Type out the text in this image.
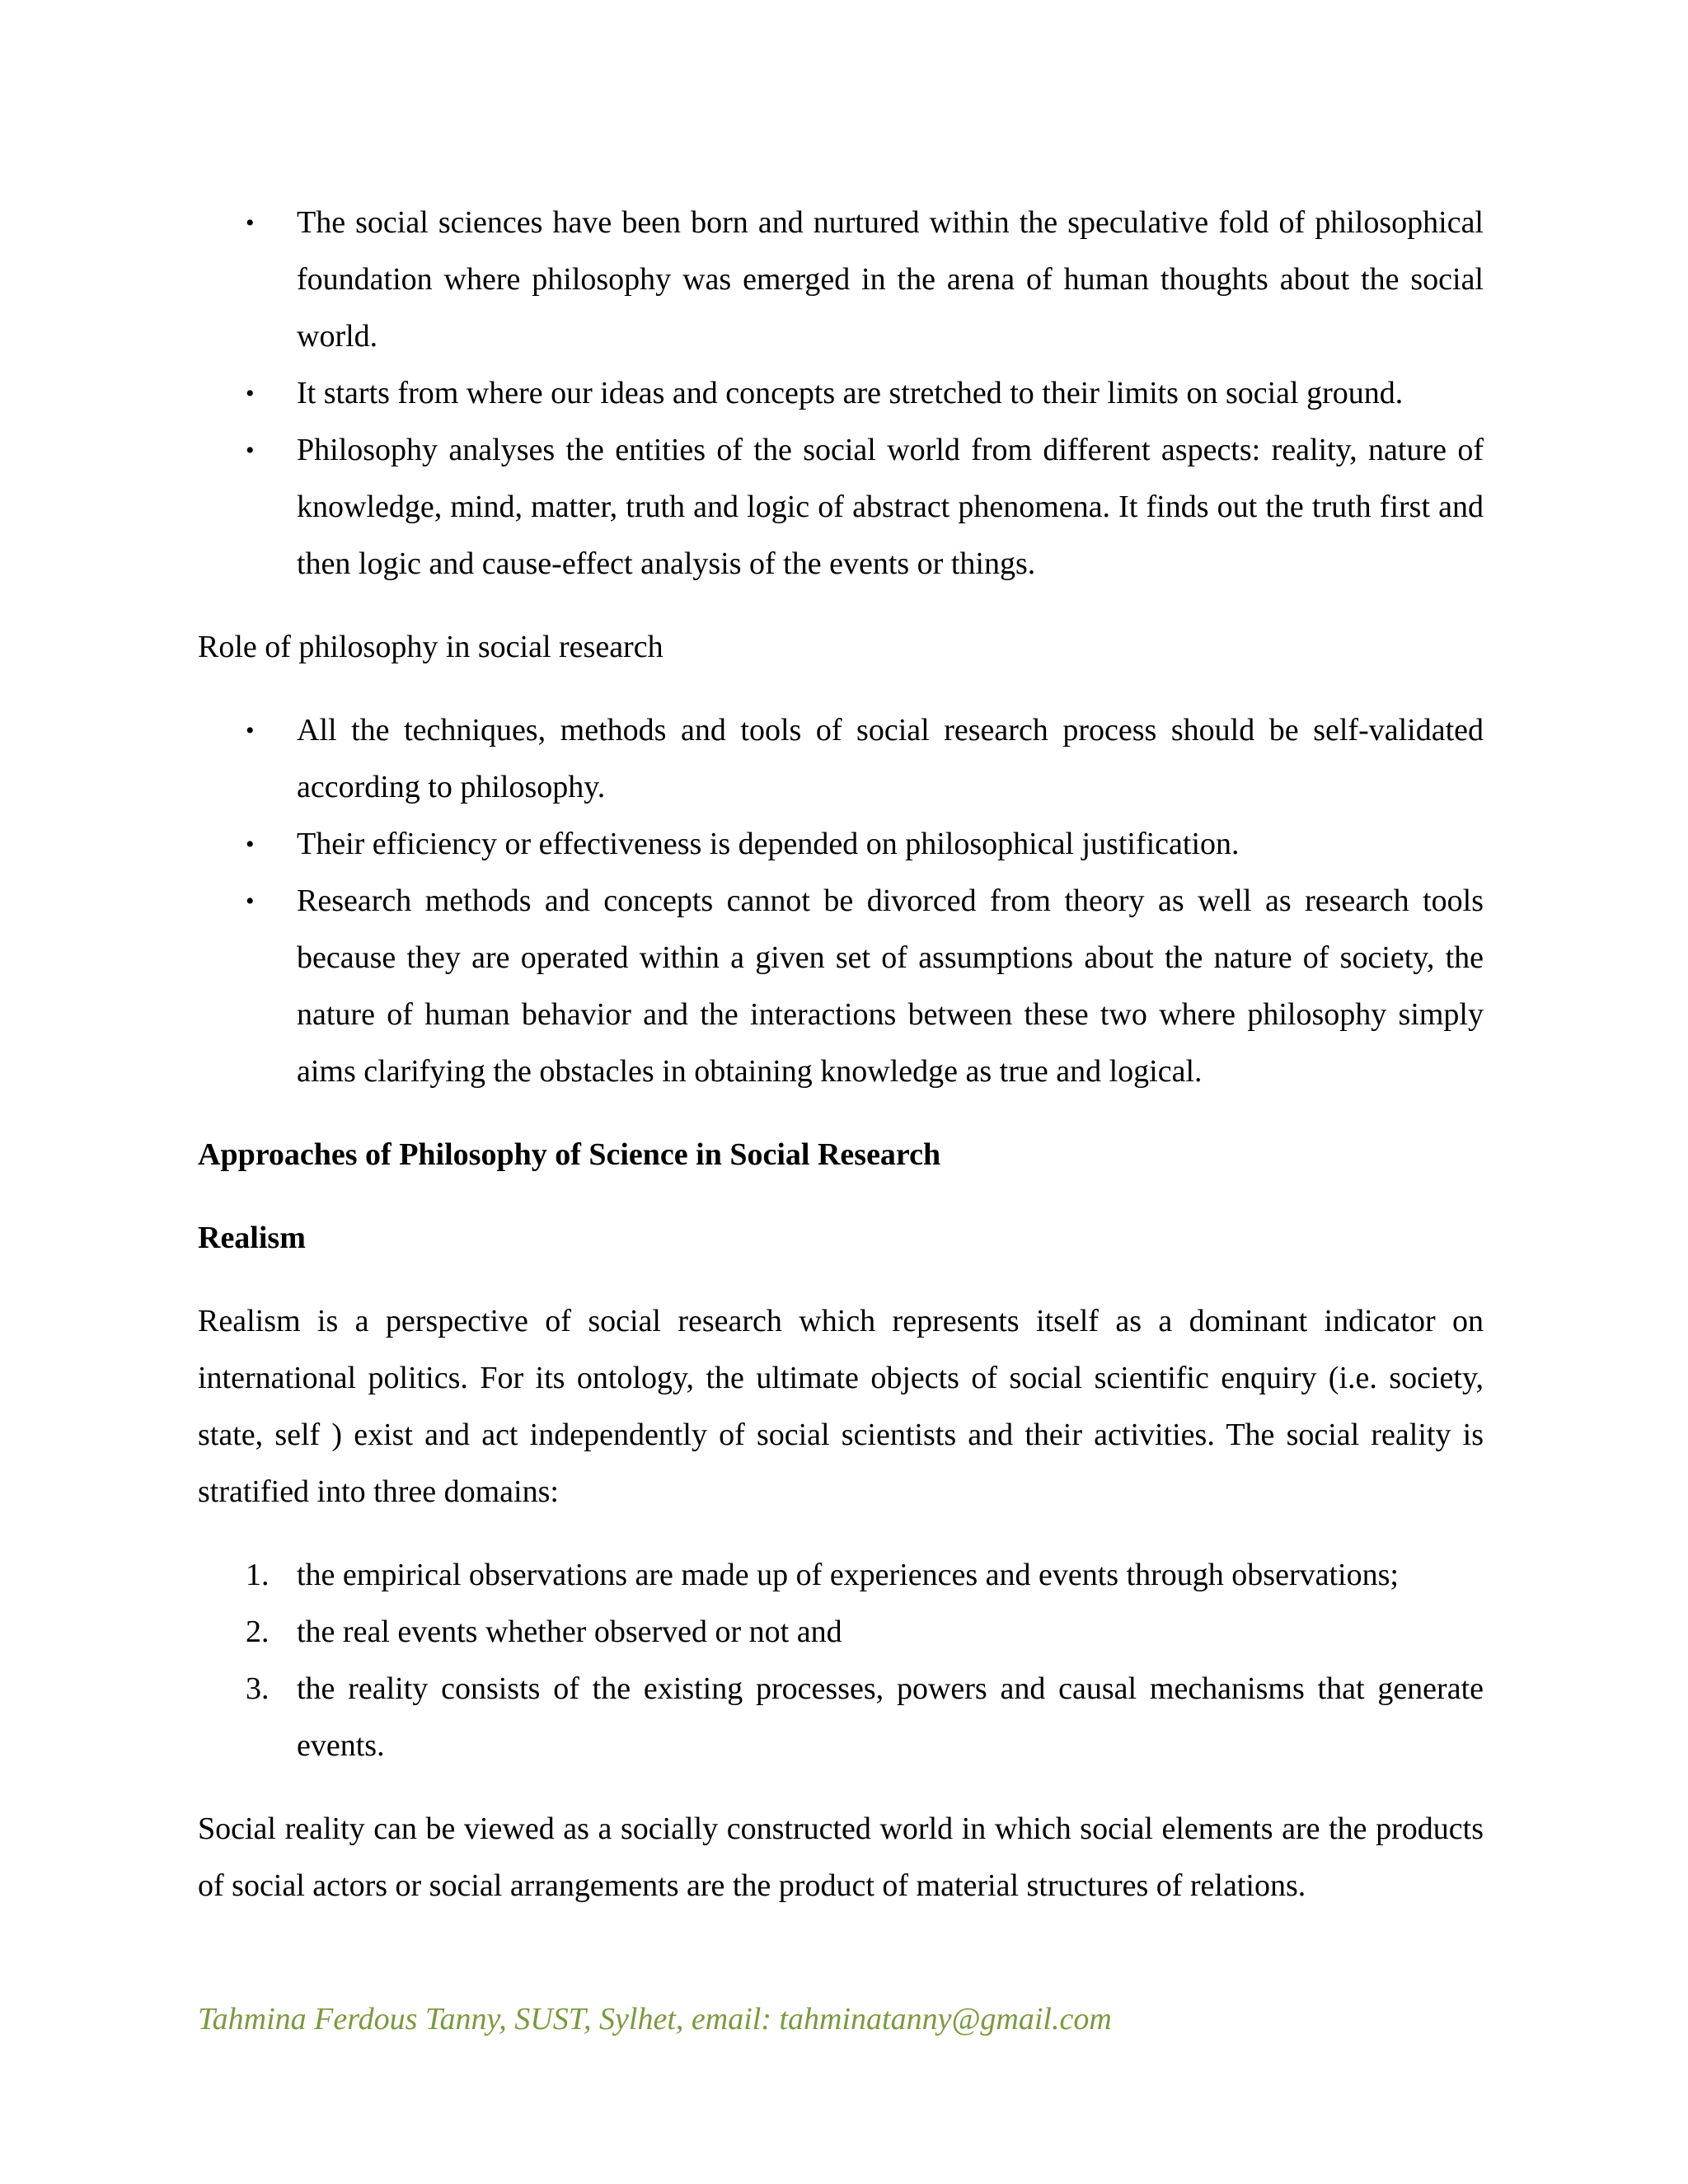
• The social sciences have been born and nurtured within the speculative fold of philosophical foundation where philosophy was emerged in the arena of human thoughts about the social world.
• It starts from where our ideas and concepts are stretched to their limits on social ground.
• Philosophy analyses the entities of the social world from different aspects: reality, nature of knowledge, mind, matter, truth and logic of abstract phenomena. It finds out the truth first and then logic and cause-effect analysis of the events or things.

Role of philosophy in social research

• All the techniques, methods and tools of social research process should be self-validated according to philosophy.
• Their efficiency or effectiveness is depended on philosophical justification.
• Research methods and concepts cannot be divorced from theory as well as research tools because they are operated within a given set of assumptions about the nature of society, the nature of human behavior and the interactions between these two where philosophy simply aims clarifying the obstacles in obtaining knowledge as true and logical.

Approaches of Philosophy of Science in Social Research

Realism

Realism is a perspective of social research which represents itself as a dominant indicator on international politics. For its ontology, the ultimate objects of social scientific enquiry (i.e. society, state, self ) exist and act independently of social scientists and their activities. The social reality is stratified into three domains:

1. the empirical observations are made up of experiences and events through observations;
2. the real events whether observed or not and
3. the reality consists of the existing processes, powers and causal mechanisms that generate events.

Social reality can be viewed as a socially constructed world in which social elements are the products of social actors or social arrangements are the product of material structures of relations.

Tahmina Ferdous Tanny, SUST, Sylhet, email: tahminatanny@gmail.com
